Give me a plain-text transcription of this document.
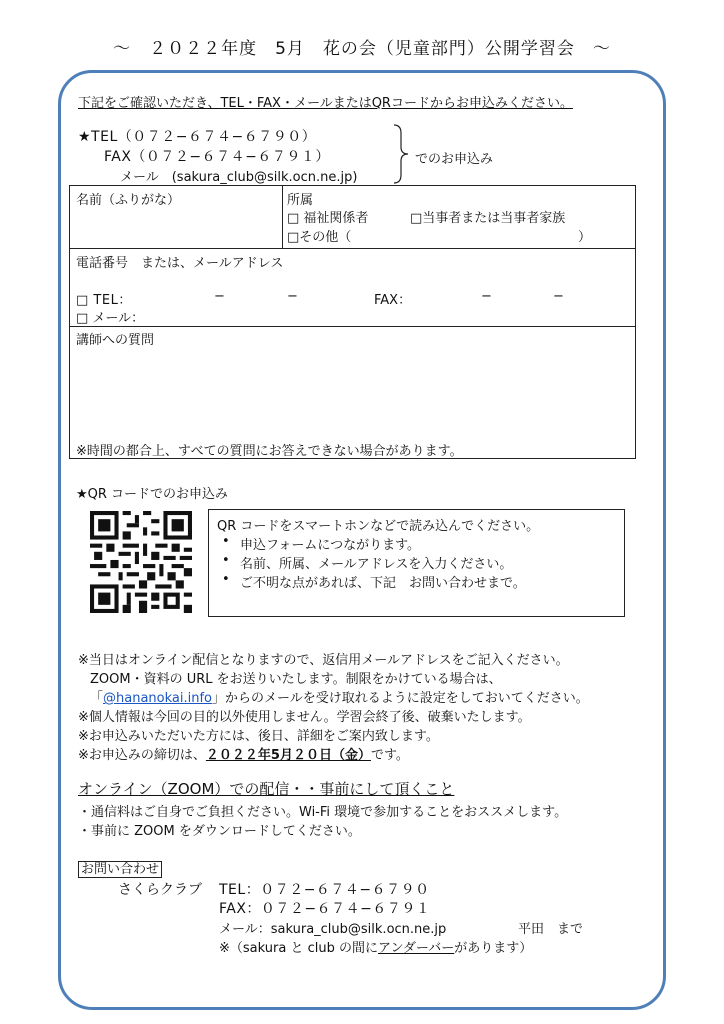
～　２０２２年度　5月　花の会（児童部門）公開学習会　～
下記をご確認いただき、TEL・FAX・メールまたはQRコードからお申込みください。
★TEL（０７２−６７４−６７９０）
FAX（０７２−６７４−６７９１）
メール　(sakura_club@silk.ocn.ne.jp)
でのお申込み
名前（ふりがな）	所属
□ 福祉関係者	□当事者または当事者家族
□その他（	）
電話番号　または、メールアドレス
□ TEL：	−	−	FAX：	−	−
□ メール：
講師への質問
※時間の都合上、すべての質問にお答えできない場合があります。
★QR コードでのお申込み
QR コードをスマートホンなどで読み込んでください。
• 申込フォームにつながります。
• 名前、所属、メールアドレスを入力ください。
• ご不明な点があれば、下記　お問い合わせまで。
※当日はオンライン配信となりますので、返信用メールアドレスをご記入ください。
ZOOM・資料の URL をお送りいたします。制限をかけている場合は、
「@hananokai.info」からのメールを受け取れるように設定をしておいてください。
※個人情報は今回の目的以外使用しません。学習会終了後、破棄いたします。
※お申込みいただいた方には、後日、詳細をご案内致します。
※お申込みの締切は、２０２２年5月２０日（金）です。
オンライン（ZOOM）での配信・・事前にして頂くこと
・通信料はご自身でご負担ください。Wi-Fi 環境で参加することをおススメします。
・事前に ZOOM をダウンロードしてください。
お問い合わせ
さくらクラブ TEL：０７２−６７４−６７９０
FAX：０７２−６７４−６７９１
メール：sakura_club@silk.ocn.ne.jp	平田　まで
※（sakura と club の間にアンダーバーがあります）
